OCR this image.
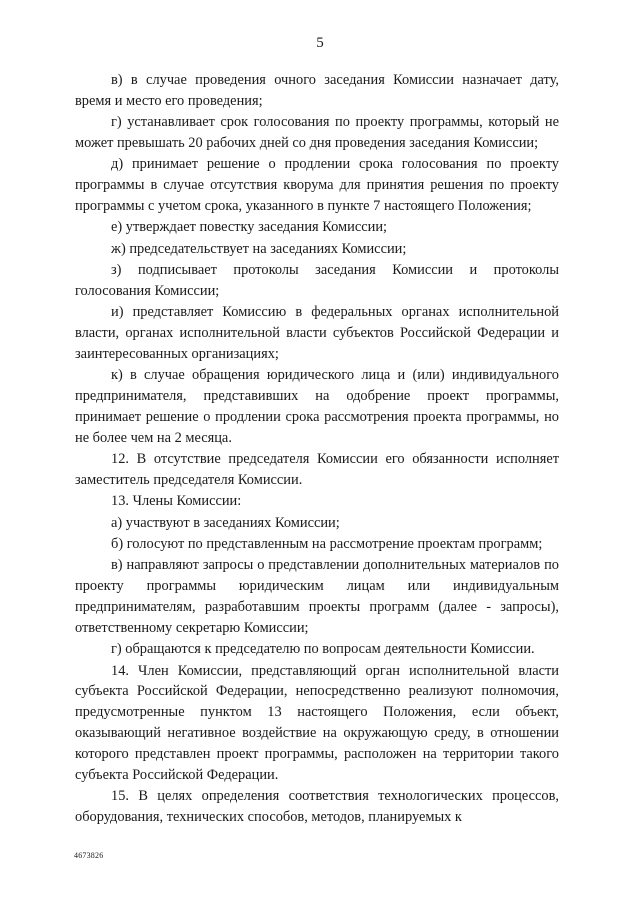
5

в) в случае проведения очного заседания Комиссии назначает дату, время и место его проведения;

г) устанавливает срок голосования по проекту программы, который не может превышать 20 рабочих дней со дня проведения заседания Комиссии;

д) принимает решение о продлении срока голосования по проекту программы в случае отсутствия кворума для принятия решения по проекту программы с учетом срока, указанного в пункте 7 настоящего Положения;

е) утверждает повестку заседания Комиссии;

ж) председательствует на заседаниях Комиссии;

з) подписывает протоколы заседания Комиссии и протоколы голосования Комиссии;

и) представляет Комиссию в федеральных органах исполнительной власти, органах исполнительной власти субъектов Российской Федерации и заинтересованных организациях;

к) в случае обращения юридического лица и (или) индивидуального предпринимателя, представивших на одобрение проект программы, принимает решение о продлении срока рассмотрения проекта программы, но не более чем на 2 месяца.

12. В отсутствие председателя Комиссии его обязанности исполняет заместитель председателя Комиссии.

13. Члены Комиссии:

а) участвуют в заседаниях Комиссии;

б) голосуют по представленным на рассмотрение проектам программ;

в) направляют запросы о представлении дополнительных материалов по проекту программы юридическим лицам или индивидуальным предпринимателям, разработавшим проекты программ (далее - запросы), ответственному секретарю Комиссии;

г) обращаются к председателю по вопросам деятельности Комиссии.

14. Член Комиссии, представляющий орган исполнительной власти субъекта Российской Федерации, непосредственно реализуют полномочия, предусмотренные пунктом 13 настоящего Положения, если объект, оказывающий негативное воздействие на окружающую среду, в отношении которого представлен проект программы, расположен на территории такого субъекта Российской Федерации.

15. В целях определения соответствия технологических процессов, оборудования, технических способов, методов, планируемых к

4673826
